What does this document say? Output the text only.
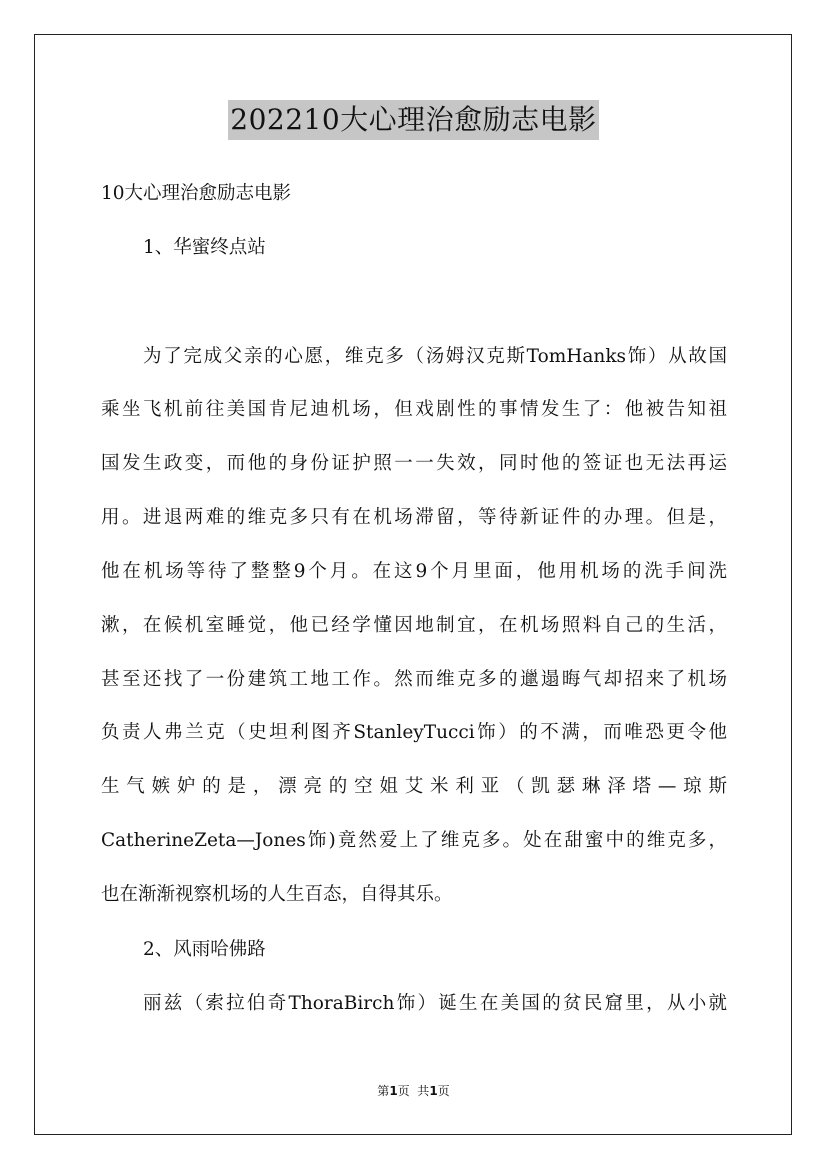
202210大心理治愈励志电影
10大心理治愈励志电影
1、华蜜终点站
为了完成父亲的心愿，维克多（汤姆汉克斯TomHanks饰）从故国
乘坐飞机前往美国肯尼迪机场，但戏剧性的事情发生了：他被告知祖
国发生政变，而他的身份证护照一一失效，同时他的签证也无法再运
用。进退两难的维克多只有在机场滞留，等待新证件的办理。但是，
他在机场等待了整整9个月。在这9个月里面，他用机场的洗手间洗
漱，在候机室睡觉，他已经学懂因地制宜，在机场照料自己的生活，
甚至还找了一份建筑工地工作。然而维克多的邋遢晦气却招来了机场
负责人弗兰克（史坦利图齐StanleyTucci饰）的不满，而唯恐更令他
生气嫉妒的是，漂亮的空姐艾米利亚（凯瑟琳泽塔—琼斯
CatherineZeta—Jones饰)竟然爱上了维克多。处在甜蜜中的维克多，
也在渐渐视察机场的人生百态，自得其乐。
2、风雨哈佛路
丽兹（索拉伯奇ThoraBirch饰）诞生在美国的贫民窟里，从小就
第1页  共1页
